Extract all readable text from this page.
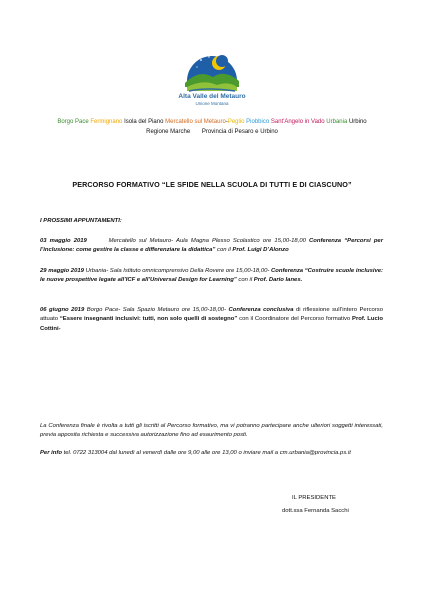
Alta Valle del Metauro
Unione Montana
Borgo Pace Fermignano Isola del Piano Mercatello sul Metauro-Peglio Piobbico Sant'Angelo in Vado Urbania Urbino
Regione Marche Provincia di Pesaro e Urbino
PERCORSO FORMATIVO “LE SFIDE NELLA SCUOLA DI TUTTI E DI CIASCUNO”
I PROSSIMI APPUNTAMENTI:
03 maggio 2019	Mercatello sul Metauro- Aula Magna Plesso Scolastico ore 15,00-18,00 Conferenza “Percorsi per l’inclusione: come gestire la classe e differenziare la didattica” con il Prof. Luigi D’Alonzo
29 maggio 2019 Urbania- Sala Istituto omnicomprensivo Della Rovere ore 15,00-18,00- Conferenza “Costruire scuole inclusive: le nuove prospettive legate all’ICF e all’Universal Design for Learning” con il Prof. Dario Ianes.
06 giugno 2019 Borgo Pace- Sala Spazio Metauro ore 15,00-18,00- Conferenza conclusiva di riflessione sull’intero Percorso attuato “Essere insegnanti inclusivi: tutti, non solo quelli di sostegno” con il Coordinatore del Percorso formativo Prof. Lucio Cottini-
La Conferenza finale è rivolta a tutti gli iscritti al Percorso formativo, ma vi potranno partecipare anche ulteriori soggetti interessati, previa apposita richiesta e successiva autorizzazione fino ad esaurimento posti.
Per info tel. 0722 313004 dal lunedì al venerdì dalle ore 9,00 alle ore 13,00 o inviare mail a cm.urbania@provincia.ps.it
IL PRESIDENTE
dott.ssa Fernanda Sacchi
